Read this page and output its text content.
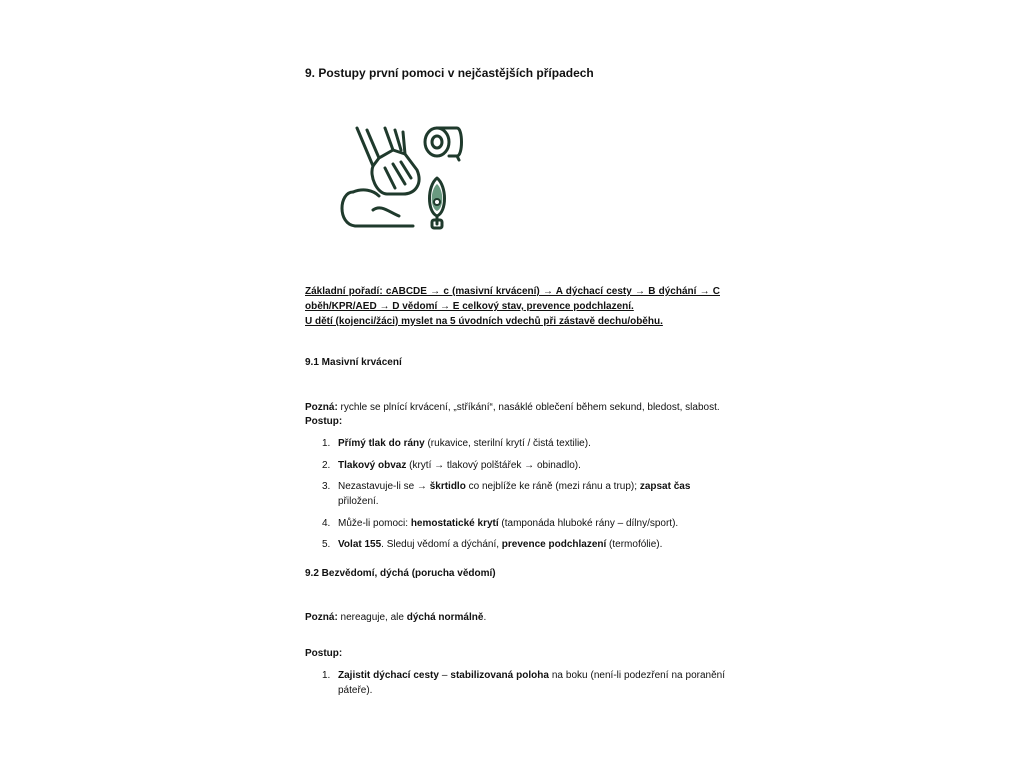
9. Postupy první pomoci v nejčastějších případech

Základní pořadí: cABCDE → c (masivní krvácení) → A dýchací cesty → B dýchání → C oběh/KPR/AED → D vědomí → E celkový stav, prevence podchlazení.
U dětí (kojenci/žáci) myslet na 5 úvodních vdechů při zástavě dechu/oběhu.

9.1 Masivní krvácení

Pozná: rychle se plnící krvácení, „stříkání“, nasáklé oblečení během sekund, bledost, slabost.
Postup:

1. Přímý tlak do rány (rukavice, sterilní krytí / čistá textilie).
2. Tlakový obvaz (krytí → tlakový polštářek → obinadlo).
3. Nezastavuje-li se → škrtidlo co nejblíže ke ráně (mezi ránu a trup); zapsat čas přiložení.
4. Může-li pomoci: hemostatické krytí (tamponáda hluboké rány – dílny/sport).
5. Volat 155. Sleduj vědomí a dýchání, prevence podchlazení (termofólie).

9.2 Bezvědomí, dýchá (porucha vědomí)

Pozná: nereaguje, ale dýchá normálně.

Postup:

1. Zajistit dýchací cesty – stabilizovaná poloha na boku (není-li podezření na poranění páteře).
